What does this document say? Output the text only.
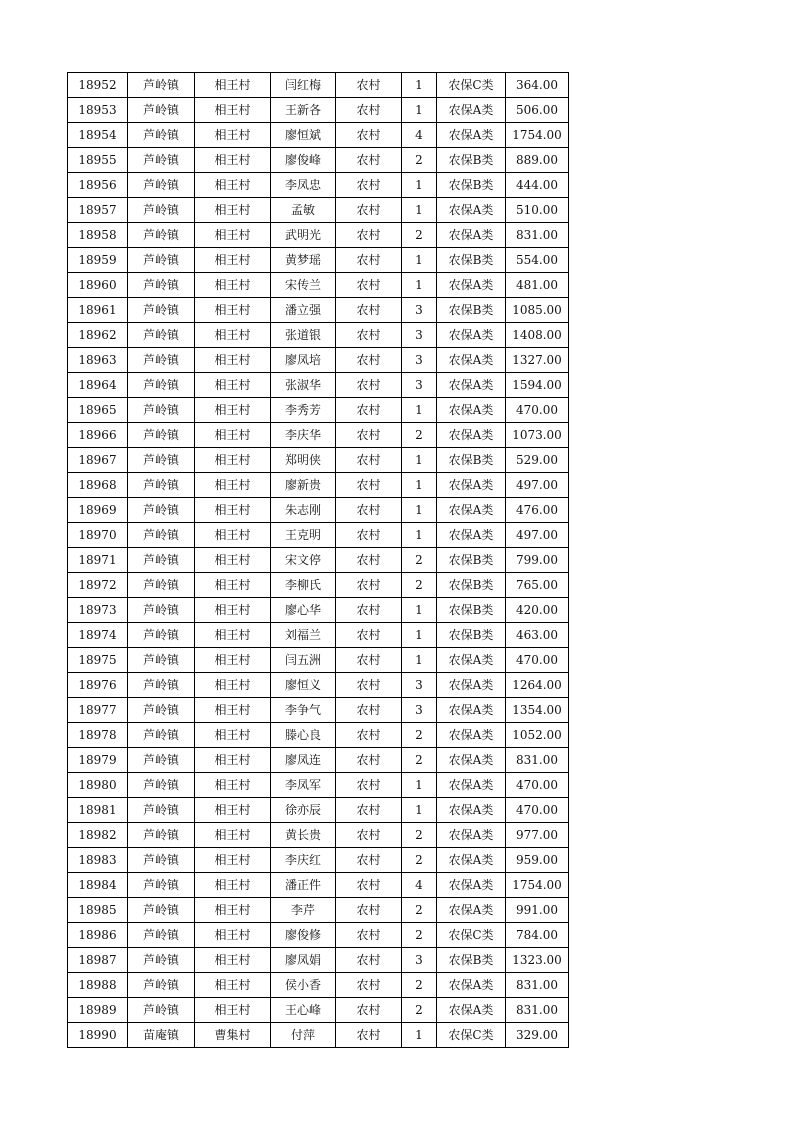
18952	芦岭镇	相王村	闫红梅	农村	1	农保C类	364.00
18953	芦岭镇	相王村	王新各	农村	1	农保A类	506.00
18954	芦岭镇	相王村	廖恒斌	农村	4	农保A类	1754.00
18955	芦岭镇	相王村	廖俊峰	农村	2	农保B类	889.00
18956	芦岭镇	相王村	李凤忠	农村	1	农保B类	444.00
18957	芦岭镇	相王村	孟敏	农村	1	农保A类	510.00
18958	芦岭镇	相王村	武明光	农村	2	农保A类	831.00
18959	芦岭镇	相王村	黄梦瑶	农村	1	农保B类	554.00
18960	芦岭镇	相王村	宋传兰	农村	1	农保A类	481.00
18961	芦岭镇	相王村	潘立强	农村	3	农保B类	1085.00
18962	芦岭镇	相王村	张道银	农村	3	农保A类	1408.00
18963	芦岭镇	相王村	廖凤培	农村	3	农保A类	1327.00
18964	芦岭镇	相王村	张淑华	农村	3	农保A类	1594.00
18965	芦岭镇	相王村	李秀芳	农村	1	农保A类	470.00
18966	芦岭镇	相王村	李庆华	农村	2	农保A类	1073.00
18967	芦岭镇	相王村	郑明侠	农村	1	农保B类	529.00
18968	芦岭镇	相王村	廖新贵	农村	1	农保A类	497.00
18969	芦岭镇	相王村	朱志刚	农村	1	农保A类	476.00
18970	芦岭镇	相王村	王克明	农村	1	农保A类	497.00
18971	芦岭镇	相王村	宋文停	农村	2	农保B类	799.00
18972	芦岭镇	相王村	李柳氏	农村	2	农保B类	765.00
18973	芦岭镇	相王村	廖心华	农村	1	农保B类	420.00
18974	芦岭镇	相王村	刘福兰	农村	1	农保B类	463.00
18975	芦岭镇	相王村	闫五洲	农村	1	农保A类	470.00
18976	芦岭镇	相王村	廖恒义	农村	3	农保A类	1264.00
18977	芦岭镇	相王村	李争气	农村	3	农保A类	1354.00
18978	芦岭镇	相王村	滕心良	农村	2	农保A类	1052.00
18979	芦岭镇	相王村	廖凤连	农村	2	农保A类	831.00
18980	芦岭镇	相王村	李凤军	农村	1	农保A类	470.00
18981	芦岭镇	相王村	徐亦辰	农村	1	农保A类	470.00
18982	芦岭镇	相王村	黄长贵	农村	2	农保A类	977.00
18983	芦岭镇	相王村	李庆红	农村	2	农保A类	959.00
18984	芦岭镇	相王村	潘正件	农村	4	农保A类	1754.00
18985	芦岭镇	相王村	李芹	农村	2	农保A类	991.00
18986	芦岭镇	相王村	廖俊修	农村	2	农保C类	784.00
18987	芦岭镇	相王村	廖凤娟	农村	3	农保B类	1323.00
18988	芦岭镇	相王村	侯小香	农村	2	农保A类	831.00
18989	芦岭镇	相王村	王心峰	农村	2	农保A类	831.00
18990	苗庵镇	曹集村	付萍	农村	1	农保C类	329.00
